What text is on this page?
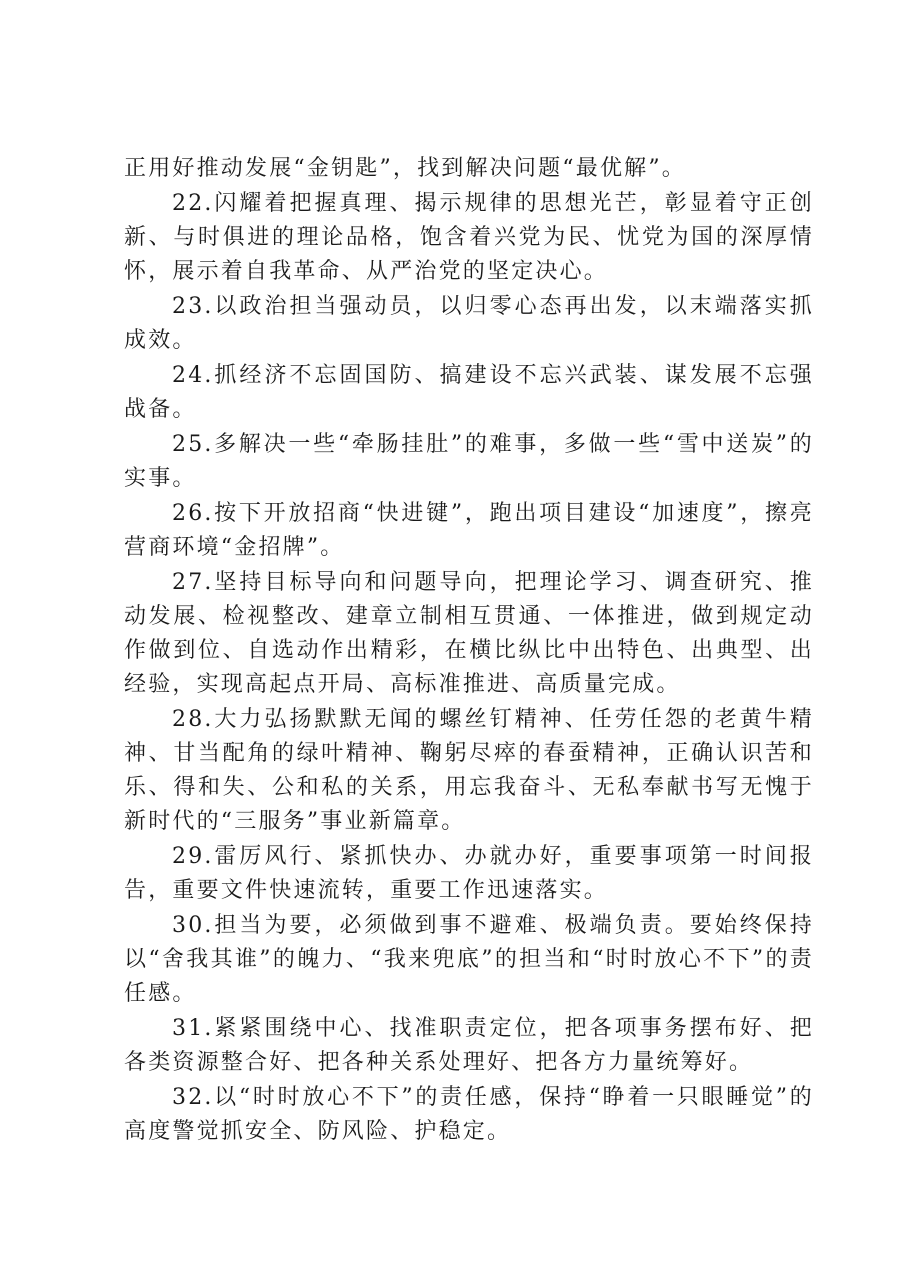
正用好推动发展“金钥匙”，找到解决问题“最优解”。

22.闪耀着把握真理、揭示规律的思想光芒，彰显着守正创新、与时俱进的理论品格，饱含着兴党为民、忧党为国的深厚情怀，展示着自我革命、从严治党的坚定决心。

23.以政治担当强动员，以归零心态再出发，以末端落实抓成效。

24.抓经济不忘固国防、搞建设不忘兴武装、谋发展不忘强战备。

25.多解决一些“牵肠挂肚”的难事，多做一些“雪中送炭”的实事。

26.按下开放招商“快进键”，跑出项目建设“加速度”，擦亮营商环境“金招牌”。

27.坚持目标导向和问题导向，把理论学习、调查研究、推动发展、检视整改、建章立制相互贯通、一体推进，做到规定动作做到位、自选动作出精彩，在横比纵比中出特色、出典型、出经验，实现高起点开局、高标准推进、高质量完成。

28.大力弘扬默默无闻的螺丝钉精神、任劳任怨的老黄牛精神、甘当配角的绿叶精神、鞠躬尽瘁的春蚕精神，正确认识苦和乐、得和失、公和私的关系，用忘我奋斗、无私奉献书写无愧于新时代的“三服务”事业新篇章。

29.雷厉风行、紧抓快办、办就办好，重要事项第一时间报告，重要文件快速流转，重要工作迅速落实。

30.担当为要，必须做到事不避难、极端负责。要始终保持以“舍我其谁”的魄力、“我来兜底”的担当和“时时放心不下”的责任感。

31.紧紧围绕中心、找准职责定位，把各项事务摆布好、把各类资源整合好、把各种关系处理好、把各方力量统筹好。

32.以“时时放心不下”的责任感，保持“睁着一只眼睡觉”的高度警觉抓安全、防风险、护稳定。
